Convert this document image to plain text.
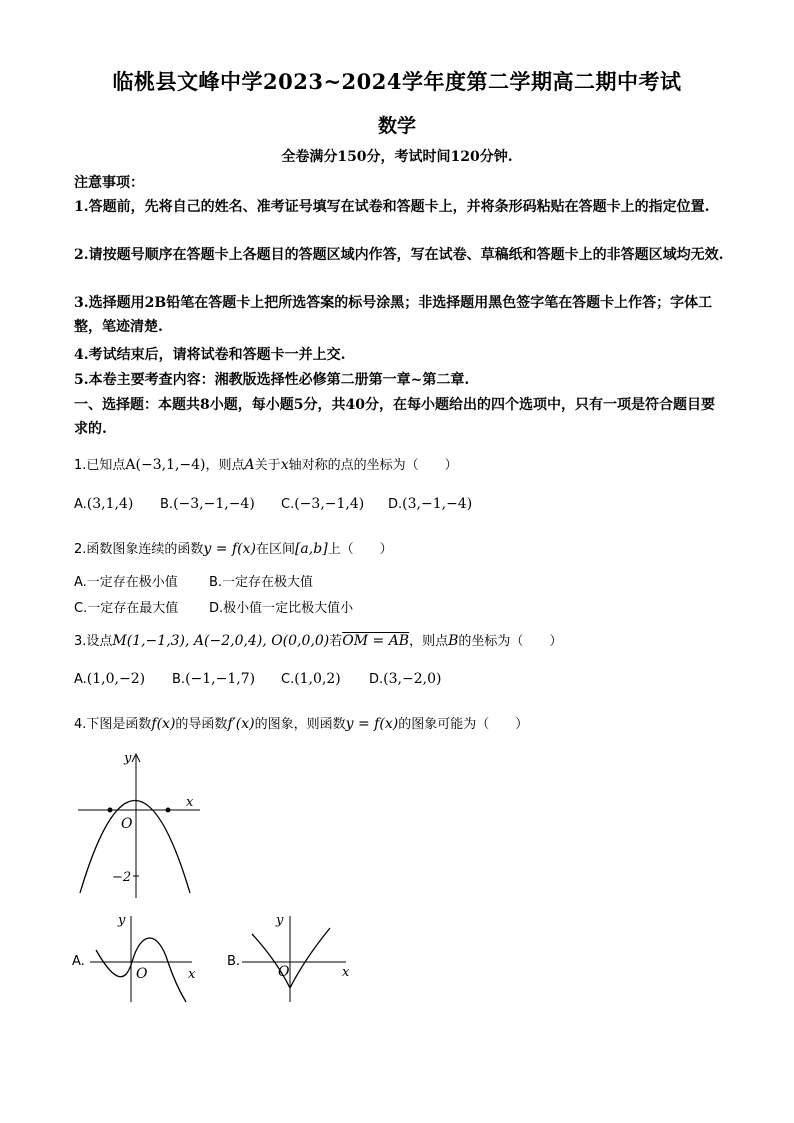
临桃县文峰中学2023~2024学年度第二学期高二期中考试
数学
全卷满分150分，考试时间120分钟.
注意事项：
1.答题前，先将自己的姓名、准考证号填写在试卷和答题卡上，并将条形码粘贴在答题卡上的指定位置.
2.请按题号顺序在答题卡上各题目的答题区域内作答，写在试卷、草稿纸和答题卡上的非答题区域均无效.
3.选择题用2B铅笔在答题卡上把所选答案的标号涂黑；非选择题用黑色签字笔在答题卡上作答；字体工整，笔迹清楚.
4.考试结束后，请将试卷和答题卡一并上交.
5.本卷主要考查内容：湘教版选择性必修第二册第一章~第二章.
一、选择题：本题共8小题，每小题5分，共40分，在每小题给出的四个选项中，只有一项是符合题目要求的.
1.已知点A(−3,1,−4)，则点A关于x轴对称的点的坐标为（　　）
A.(3,1,4) B.(−3,−1,−4) C.(−3,−1,4) D.(3,−1,−4)
2.函数图象连续的函数y = f(x)在区间[a,b]上（　　）
A.一定存在极小值 B.一定存在极大值
C.一定存在最大值 D.极小值一定比极大值小
3.设点M(1,−1,3), A(−2,0,4), O(0,0,0)若OM = AB，则点B的坐标为（　　）
A.(1,0,−2) B.(−1,−1,7) C.(1,0,2) D.(3,−2,0)
4.下图是函数f(x)的导函数f′(x)的图象，则函数y = f(x)的图象可能为（　　）
y
x
O
−2
A.
y
x
O
B.
y
x
O
